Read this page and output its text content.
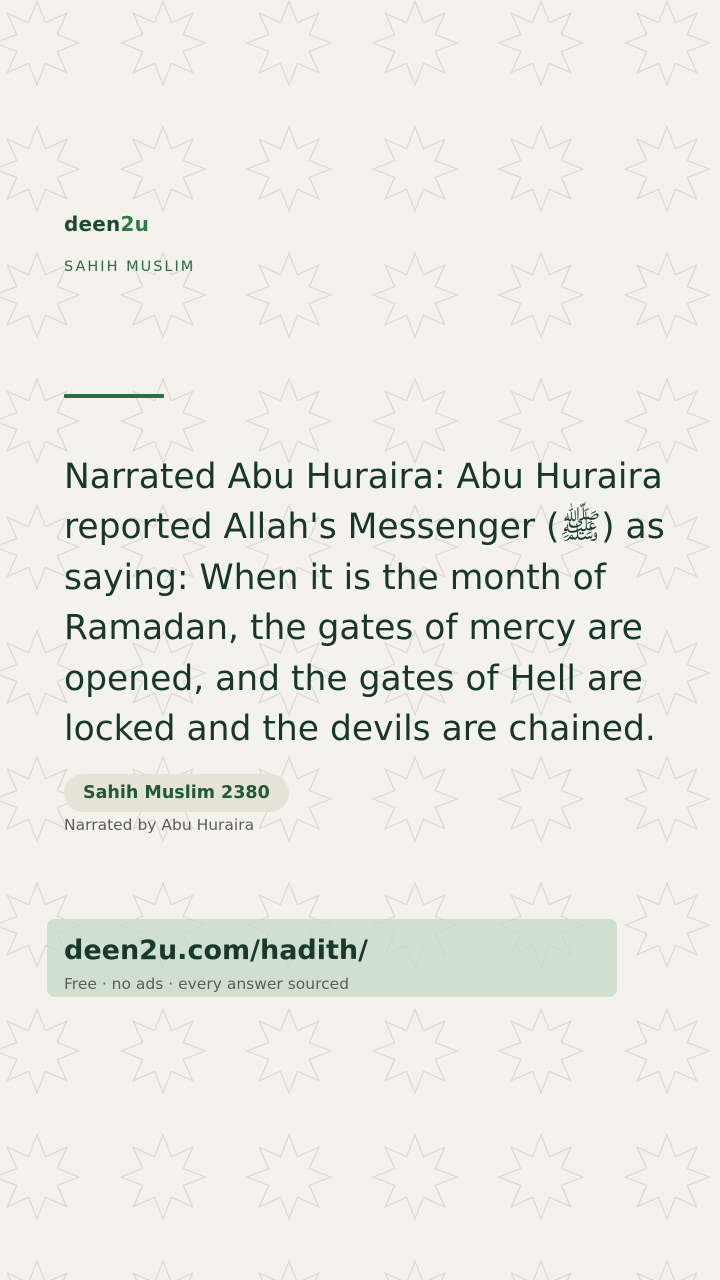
deen2u
SAHIH MUSLIM

Narrated Abu Huraira: Abu Huraira reported Allah's Messenger (ﷺ) as saying: When it is the month of Ramadan, the gates of mercy are opened, and the gates of Hell are locked and the devils are chained.

Sahih Muslim 2380
Narrated by Abu Huraira
deen2u.com/hadith/
Free · no ads · every answer sourced
